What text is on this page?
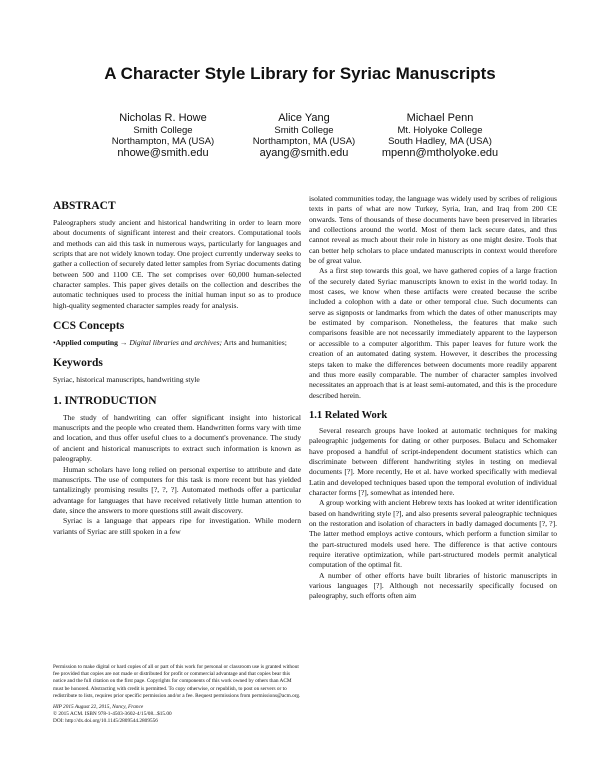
A Character Style Library for Syriac Manuscripts
Nicholas R. Howe
Smith College
Northampton, MA (USA)
nhowe@smith.edu
Alice Yang
Smith College
Northampton, MA (USA)
ayang@smith.edu
Michael Penn
Mt. Holyoke College
South Hadley, MA (USA)
mpenn@mtholyoke.edu
ABSTRACT

Paleographers study ancient and historical handwriting in order to learn more about documents of significant interest and their creators. Computational tools and methods can aid this task in numerous ways, particularly for languages and scripts that are not widely known today. One project currently underway seeks to gather a collection of securely dated letter samples from Syriac documents dating between 500 and 1100 CE. The set comprises over 60,000 human-selected character samples. This paper gives details on the collection and describes the automatic techniques used to process the initial human input so as to produce high-quality segmented character samples ready for analysis.

CCS Concepts

•Applied computing → Digital libraries and archives; Arts and humanities;

Keywords

Syriac, historical manuscripts, handwriting style

1. INTRODUCTION

The study of handwriting can offer significant insight into historical manuscripts and the people who created them. Handwritten forms vary with time and location, and thus offer useful clues to a document's provenance. The study of ancient and historical manuscripts to extract such information is known as paleography.

Human scholars have long relied on personal expertise to attribute and date manuscripts. The use of computers for this task is more recent but has yielded tantalizingly promising results [?, ?, ?]. Automated methods offer a particular advantage for languages that have received relatively little human attention to date, since the answers to more questions still await discovery.

Syriac is a language that appears ripe for investigation. While modern variants of Syriac are still spoken in a few

Permission to make digital or hard copies of all or part of this work for personal or classroom use is granted without fee provided that copies are not made or distributed for profit or commercial advantage and that copies bear this notice and the full citation on the first page. Copyrights for components of this work owned by others than ACM must be honored. Abstracting with credit is permitted. To copy otherwise, or republish, to post on servers or to redistribute to lists, requires prior specific permission and/or a fee. Request permissions from permissions@acm.org.

HIP 2015 August 22, 2015, Nancy, France

© 2015 ACM. ISBN 978-1-4503-3602-4/15/08...$15.00

DOI: http://dx.doi.org/10.1145/2809544.2809556

isolated communities today, the language was widely used by scribes of religious texts in parts of what are now Turkey, Syria, Iran, and Iraq from 200 CE onwards. Tens of thousands of these documents have been preserved in libraries and collections around the world. Most of them lack secure dates, and thus cannot reveal as much about their role in history as one might desire. Tools that can better help scholars to place undated manuscripts in context would therefore be of great value.

As a first step towards this goal, we have gathered copies of a large fraction of the securely dated Syriac manuscripts known to exist in the world today. In most cases, we know when these artifacts were created because the scribe included a colophon with a date or other temporal clue. Such documents can serve as signposts or landmarks from which the dates of other manuscripts may be estimated by comparison. Nonetheless, the features that make such comparisons feasible are not necessarily immediately apparent to the layperson or accessible to a computer algorithm. This paper leaves for future work the creation of an automated dating system. However, it describes the processing steps taken to make the differences between documents more readily apparent and thus more easily comparable. The number of character samples involved necessitates an approach that is at least semi-automated, and this is the procedure described herein.

1.1 Related Work

Several research groups have looked at automatic techniques for making paleographic judgements for dating or other purposes. Bulacu and Schomaker have proposed a handful of script-independent document statistics which can discriminate between different handwriting styles in testing on medieval documents [?]. More recently, He et al. have worked specifically with medieval Latin and developed techniques based upon the temporal evolution of individual character forms [?], somewhat as intended here.

A group working with ancient Hebrew texts has looked at writer identification based on handwriting style [?], and also presents several paleographic techniques on the restoration and isolation of characters in badly damaged documents [?, ?]. The latter method employs active contours, which perform a function similar to the part-structured models used here. The difference is that active contours require iterative optimization, while part-structured models permit analytical computation of the optimal fit.

A number of other efforts have built libraries of historic manuscripts in various languages [?]. Although not necessarily specifically focused on paleography, such efforts often aim
